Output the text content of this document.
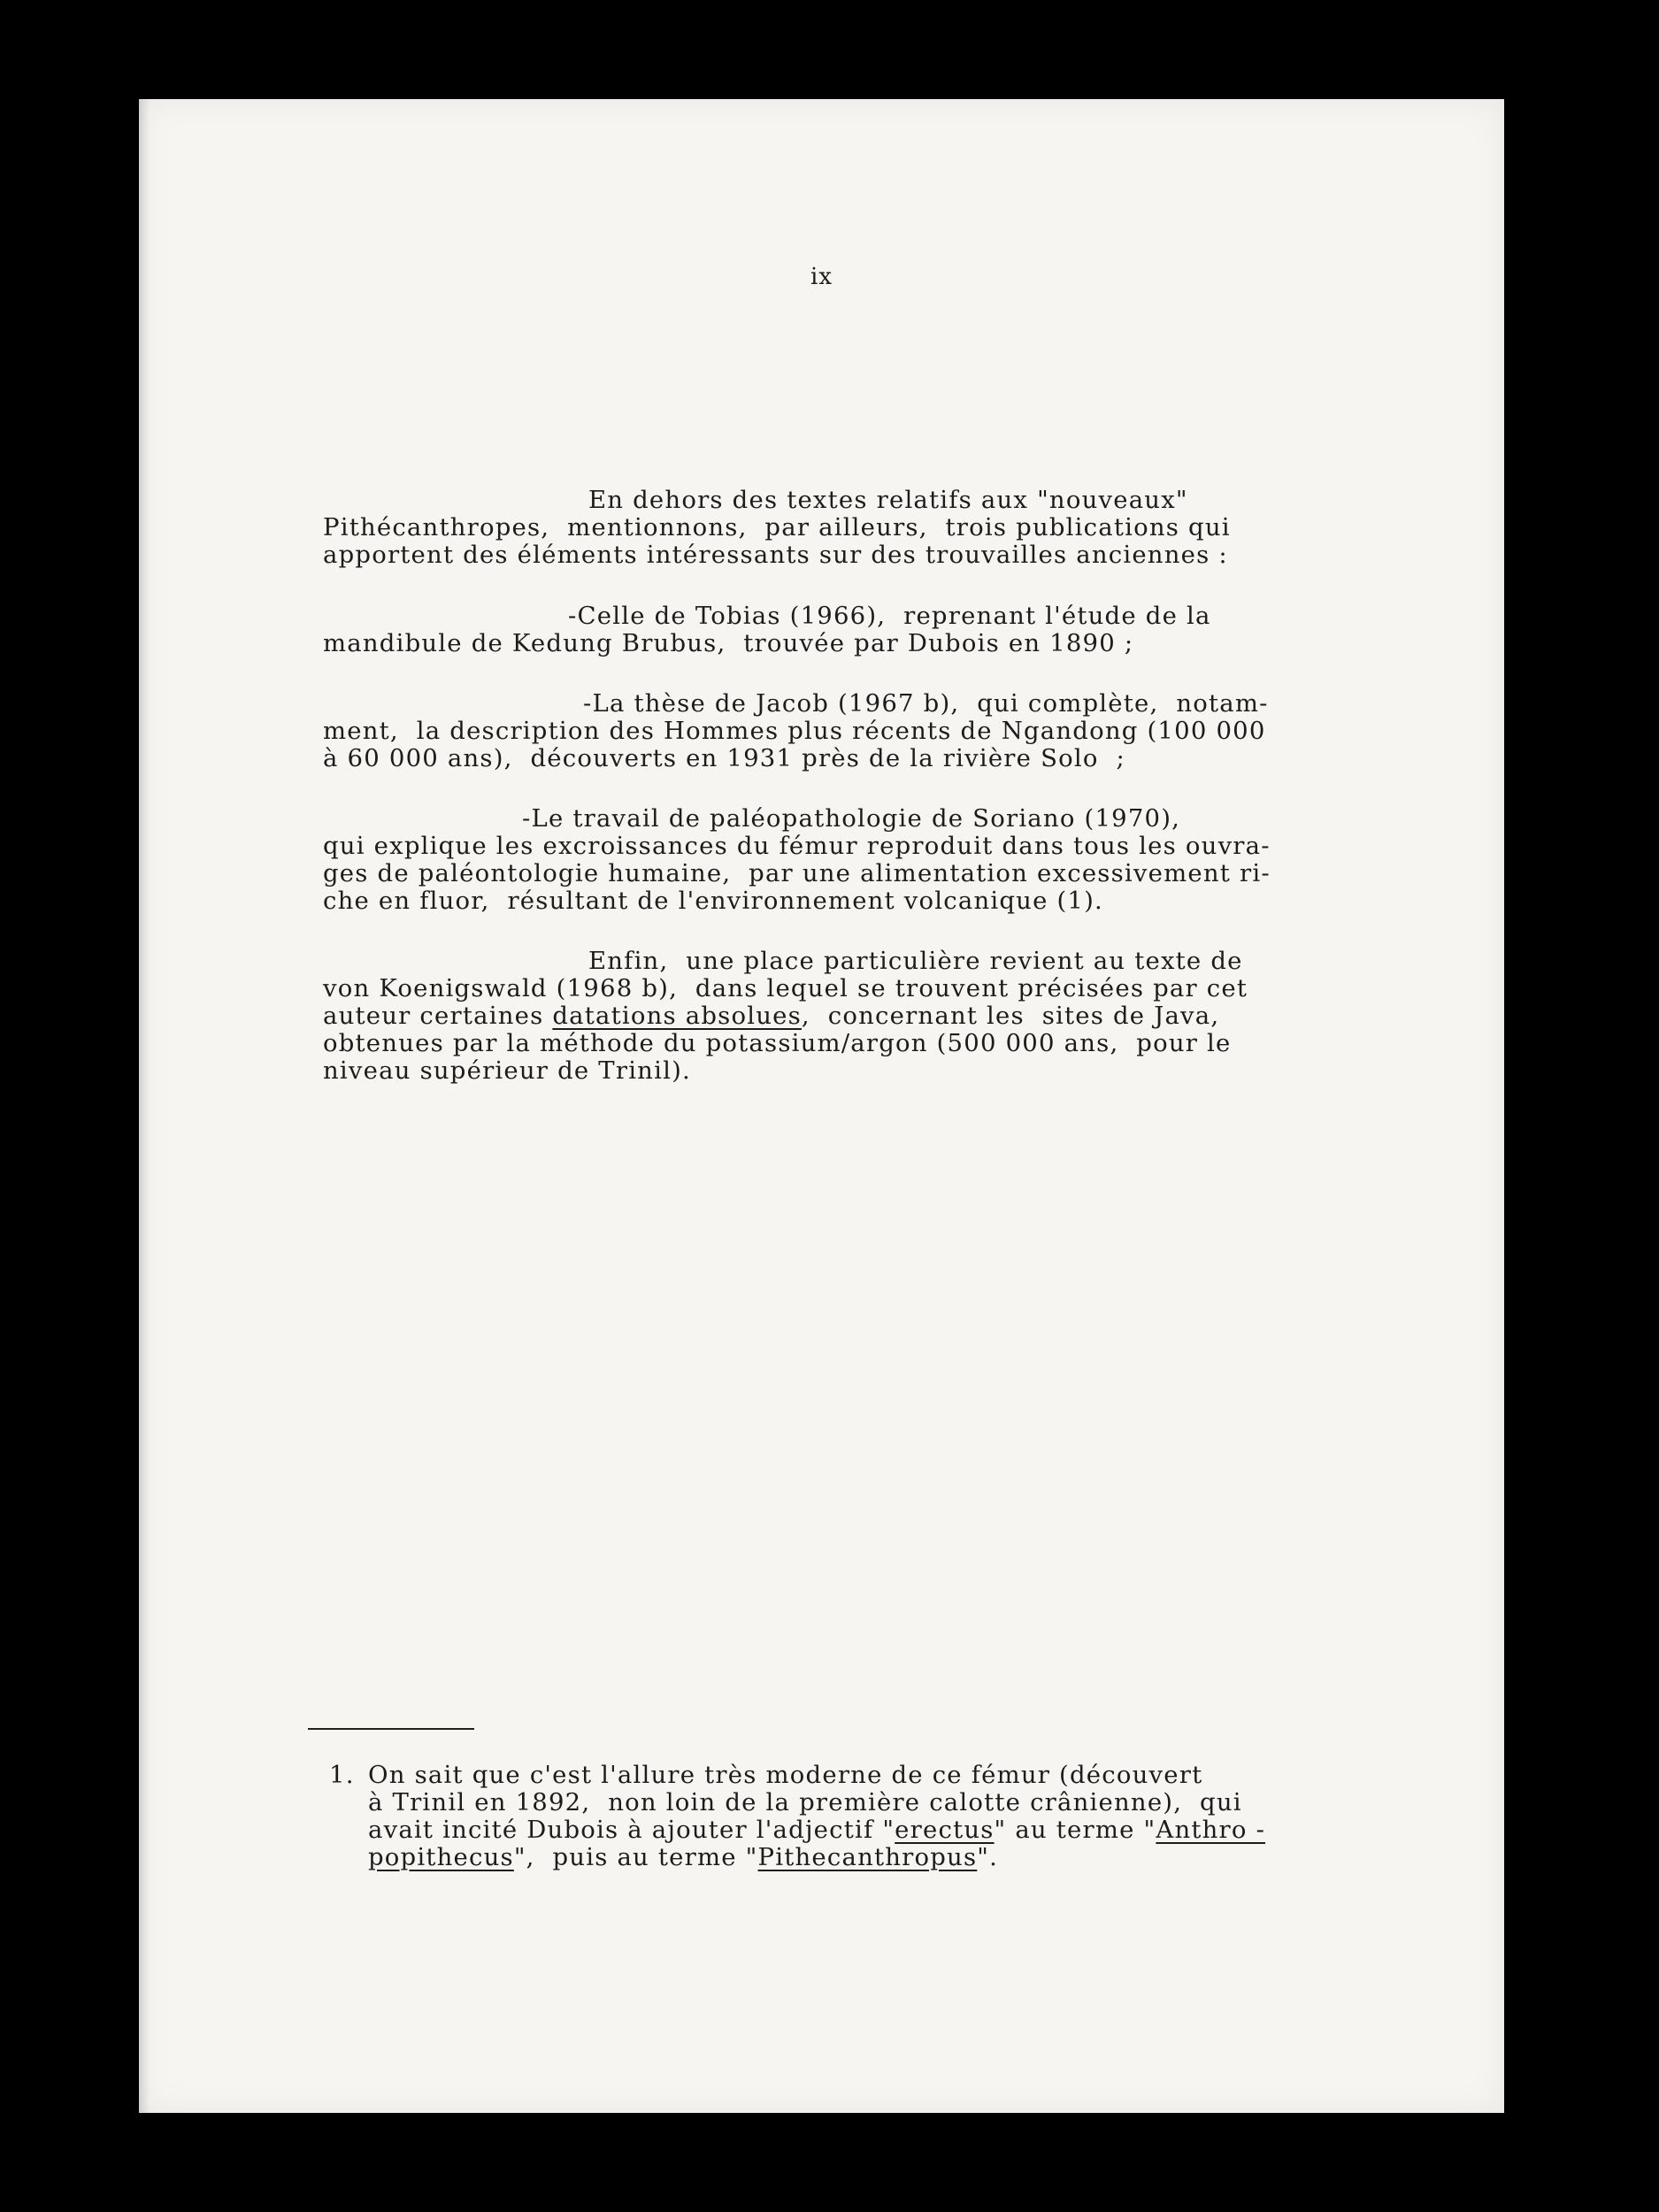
ix
En dehors des textes relatifs aux "nouveaux"
Pithécanthropes,  mentionnons,  par ailleurs,  trois publications qui
apportent des éléments intéressants sur des trouvailles anciennes :
-Celle de Tobias (1966),  reprenant l'étude de la
mandibule de Kedung Brubus,  trouvée par Dubois en 1890 ;
-La thèse de Jacob (1967 b),  qui complète,  notam-
ment,  la description des Hommes plus récents de Ngandong (100 000
à 60 000 ans),  découverts en 1931 près de la rivière Solo  ;
-Le travail de paléopathologie de Soriano (1970),
qui explique les excroissances du fémur reproduit dans tous les ouvra-
ges de paléontologie humaine,  par une alimentation excessivement ri-
che en fluor,  résultant de l'environnement volcanique (1).
Enfin,  une place particulière revient au texte de
von Koenigswald (1968 b),  dans lequel se trouvent précisées par cet
auteur certaines datations absolues,  concernant les  sites de Java,
obtenues par la méthode du potassium/argon (500 000 ans,  pour le
niveau supérieur de Trinil).
1. On sait que c'est l'allure très moderne de ce fémur (découvert
à Trinil en 1892,  non loin de la première calotte crânienne),  qui
avait incité Dubois à ajouter l'adjectif "erectus" au terme "Anthro -
popithecus",  puis au terme "Pithecanthropus".
